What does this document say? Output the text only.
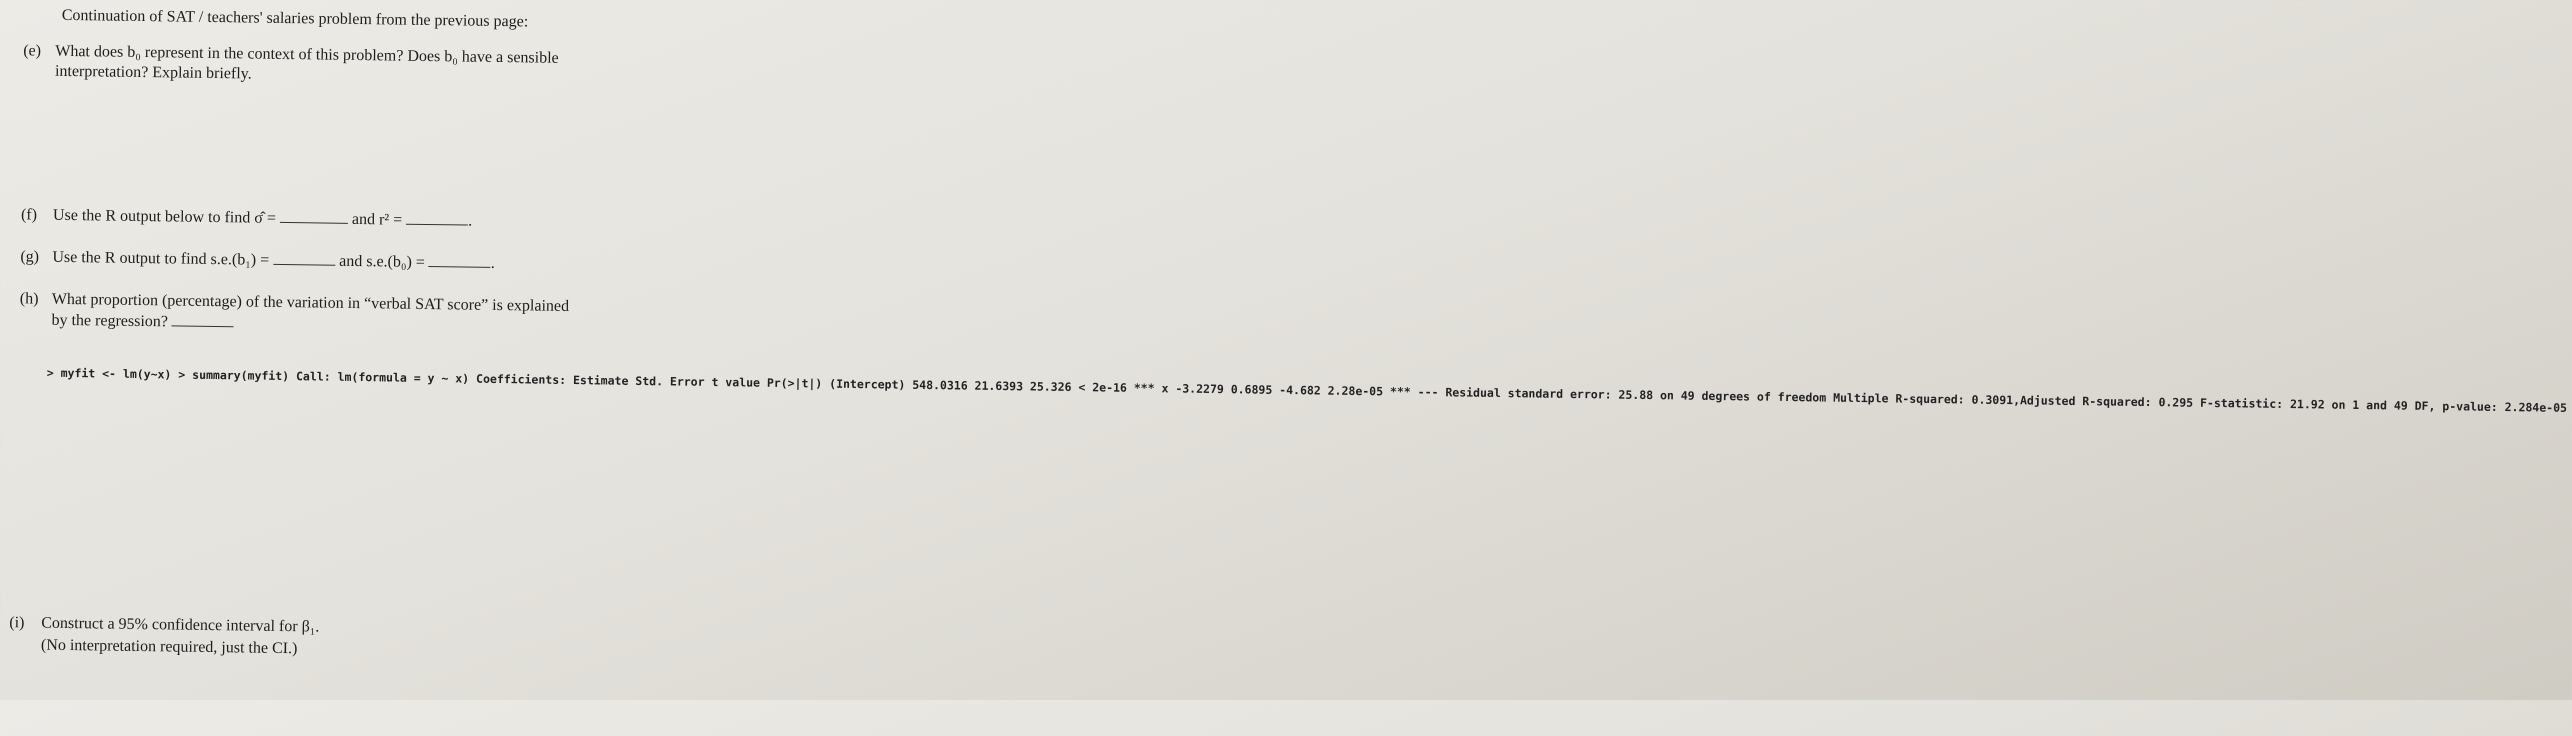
Continuation of SAT / teachers' salaries problem from the previous page:
(e) What does b₀ represent in the context of this problem? Does b₀ have a sensible
interpretation? Explain briefly.
(f) Use the R output below to find σ̂ =	and r² =	.
(g) Use the R output to find s.e.(b₁) =	and s.e.(b₀) =	.
(h) What proportion (percentage) of the variation in “verbal SAT score” is explained
by the regression?
> myfit <- lm(y~x) > summary(myfit) Call: lm(formula = y ~ x) Coefficients: Estimate Std. Error t value Pr(>|t|) (Intercept) 548.0316 21.6393 25.326 < 2e-16 *** x -3.2279 0.6895 -4.682 2.28e-05 *** --- Residual standard error: 25.88 on 49 degrees of freedom Multiple R-squared: 0.3091,Adjusted R-squared: 0.295 F-statistic: 21.92 on 1 and 49 DF, p-value: 2.284e-05
(i) Construct a 95% confidence interval for β₁.
(No interpretation required, just the CI.)
